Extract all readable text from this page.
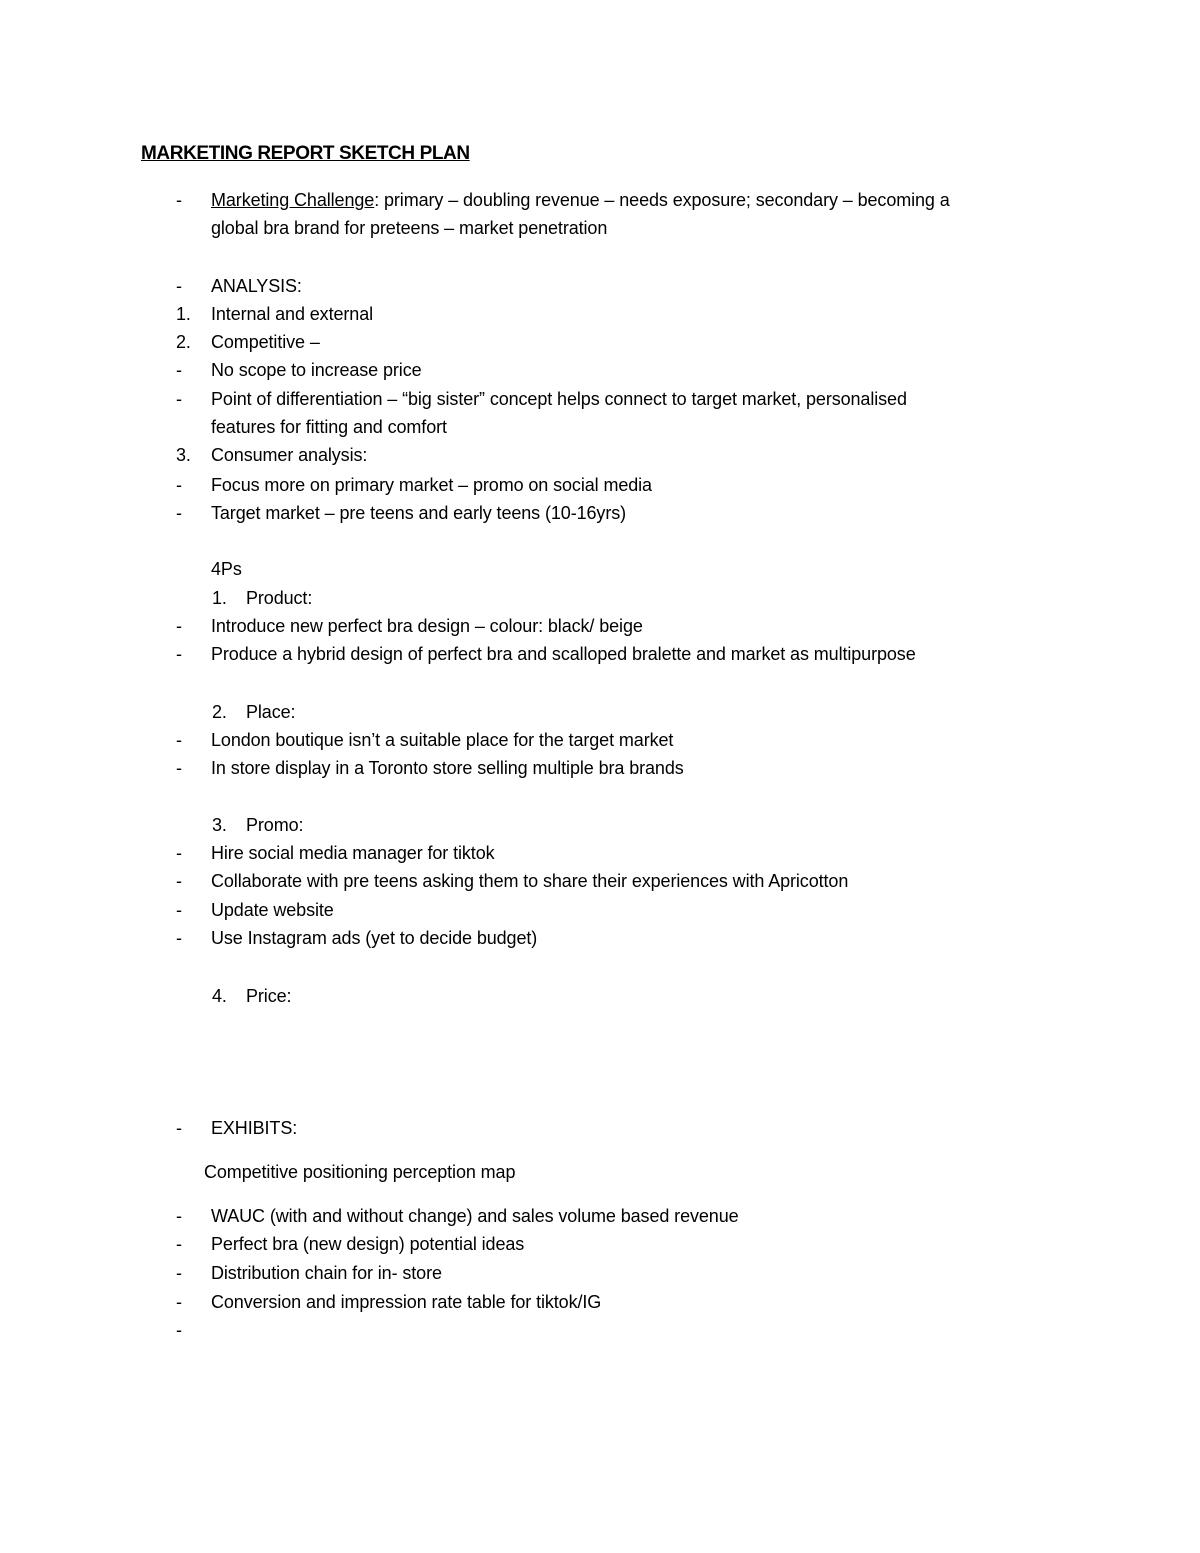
MARKETING REPORT SKETCH PLAN
-	Marketing Challenge: primary – doubling revenue – needs exposure; secondary – becoming a
global bra brand for preteens – market penetration
-	ANALYSIS:
1.	Internal and external
2.	Competitive –
-	No scope to increase price
-	Point of differentiation – “big sister” concept helps connect to target market, personalised
features for fitting and comfort
3.	Consumer analysis:
-	Focus more on primary market – promo on social media
-	Target market – pre teens and early teens (10-16yrs)
4Ps
1.	Product:
-	Introduce new perfect bra design – colour: black/ beige
-	Produce a hybrid design of perfect bra and scalloped bralette and market as multipurpose
2.	Place:
-	London boutique isn’t a suitable place for the target market
-	In store display in a Toronto store selling multiple bra brands
3.	Promo:
-	Hire social media manager for tiktok
-	Collaborate with pre teens asking them to share their experiences with Apricotton
-	Update website
-	Use Instagram ads (yet to decide budget)
4.	Price:
-	EXHIBITS:
Competitive positioning perception map
-	WAUC (with and without change) and sales volume based revenue
-	Perfect bra (new design) potential ideas
-	Distribution chain for in- store
-	Conversion and impression rate table for tiktok/IG
-
